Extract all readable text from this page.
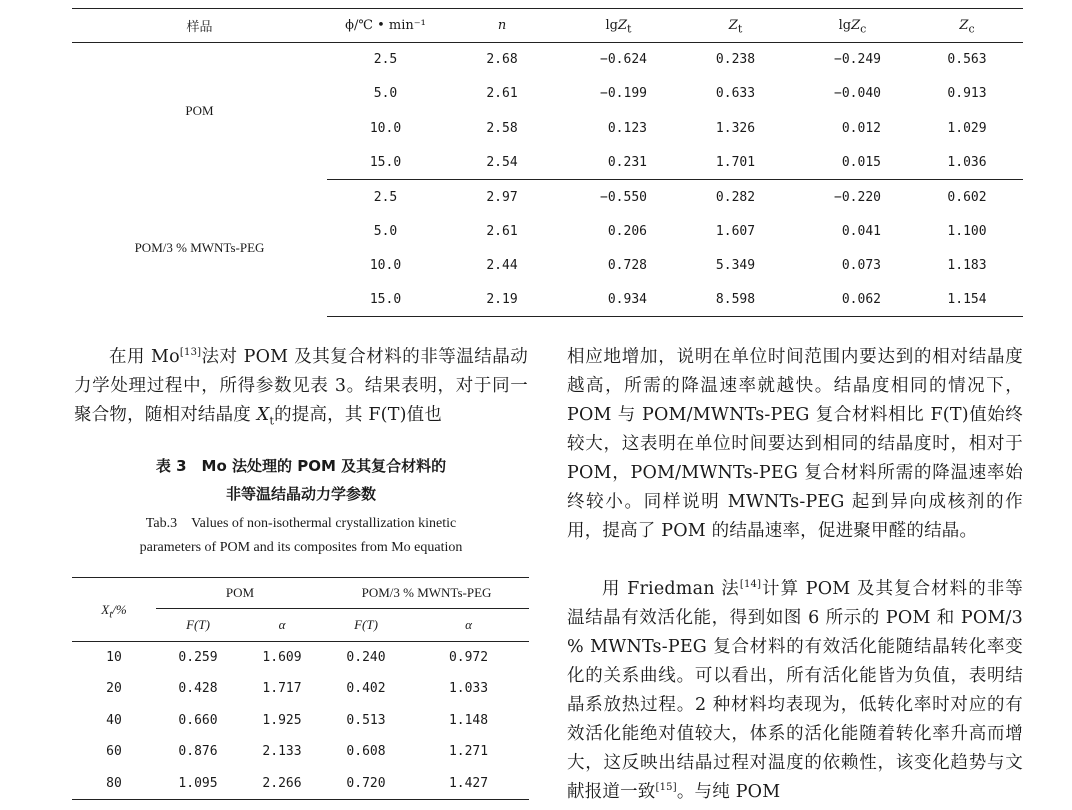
样品	ϕ/℃ • min⁻¹	n	lgZ$_t$	$Z_t$	lgZ$_c$	$Z_c$
POM	2.5	2.68	−0.624	0.238	−0.249	0.563
	5.0	2.61	−0.199	0.633	−0.040	0.913
	10.0	2.58	0.123	1.326	0.012	1.029
	15.0	2.54	0.231	1.701	0.015	1.036
POM/3 % MWNTs-PEG	2.5	2.97	−0.550	0.282	−0.220	0.602
	5.0	2.61	0.206	1.607	0.041	1.100
	10.0	2.44	0.728	5.349	0.073	1.183
	15.0	2.19	0.934	8.598	0.062	1.154
在用 Mo[13]法对 POM 及其复合材料的非等温结晶动力学处理过程中，所得参数见表 3。结果表明，对于同一聚合物，随相对结晶度 $X_t$的提高，其 F(T)值也
表 3　Mo 法处理的 POM 及其复合材料的
非等温结晶动力学参数
Tab.3　Values of non-isothermal crystallization kinetic
parameters of POM and its composites from Mo equation
$X_t/\%$	POM		POM/3 % MWNTs-PEG	
	F(T)	α	F(T)	α
10	0.259	1.609	0.240	0.972
20	0.428	1.717	0.402	1.033
40	0.660	1.925	0.513	1.148
60	0.876	2.133	0.608	1.271
80	1.095	2.266	0.720	1.427
相应地增加，说明在单位时间范围内要达到的相对结晶度越高，所需的降温速率就越快。结晶度相同的情况下，POM 与 POM/MWNTs-PEG 复合材料相比 F(T)值始终较大，这表明在单位时间要达到相同的结晶度时，相对于 POM，POM/MWNTs-PEG 复合材料所需的降温速率始终较小。同样说明 MWNTs-PEG 起到异向成核剂的作用，提高了 POM 的结晶速率，促进聚甲醛的结晶。
用 Friedman 法[14]计算 POM 及其复合材料的非等温结晶有效活化能，得到如图 6 所示的 POM 和 POM/3 % MWNTs-PEG 复合材料的有效活化能随结晶转化率变化的关系曲线。可以看出，所有活化能皆为负值，表明结晶系放热过程。2 种材料均表现为，低转化率时对应的有效活化能绝对值较大，体系的活化能随着转化率升高而增大，这反映出结晶过程对温度的依赖性，该变化趋势与文献报道一致[15]。与纯 POM
